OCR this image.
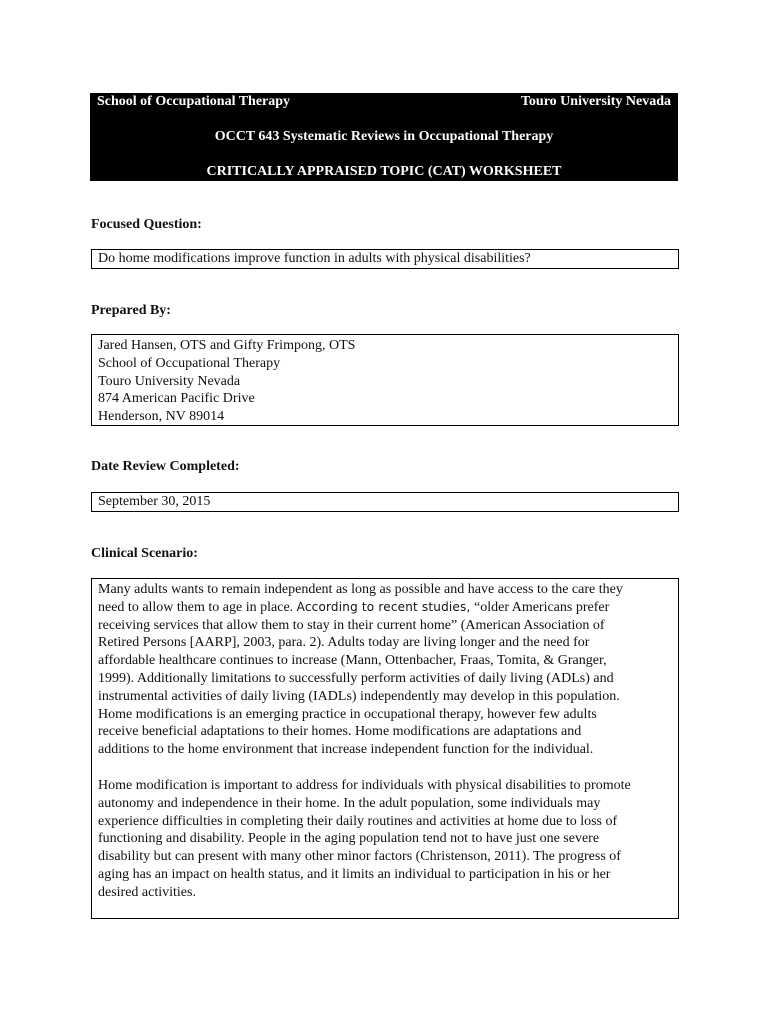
School of Occupational Therapy	Touro University Nevada
OCCT 643 Systematic Reviews in Occupational Therapy
CRITICALLY APPRAISED TOPIC (CAT) WORKSHEET
Focused Question:
Do home modifications improve function in adults with physical disabilities?
Prepared By:
Jared Hansen, OTS and Gifty Frimpong, OTS
School of Occupational Therapy
Touro University Nevada
874 American Pacific Drive
Henderson, NV 89014
Date Review Completed:
September 30, 2015
Clinical Scenario:
Many adults wants to remain independent as long as possible and have access to the care they
need to allow them to age in place. According to recent studies, “older Americans prefer
receiving services that allow them to stay in their current home” (American Association of
Retired Persons [AARP], 2003, para. 2). Adults today are living longer and the need for
affordable healthcare continues to increase (Mann, Ottenbacher, Fraas, Tomita, & Granger,
1999). Additionally limitations to successfully perform activities of daily living (ADLs) and
instrumental activities of daily living (IADLs) independently may develop in this population.
Home modifications is an emerging practice in occupational therapy, however few adults
receive beneficial adaptations to their homes. Home modifications are adaptations and
additions to the home environment that increase independent function for the individual.
Home modification is important to address for individuals with physical disabilities to promote
autonomy and independence in their home. In the adult population, some individuals may
experience difficulties in completing their daily routines and activities at home due to loss of
functioning and disability. People in the aging population tend not to have just one severe
disability but can present with many other minor factors (Christenson, 2011). The progress of
aging has an impact on health status, and it limits an individual to participation in his or her
desired activities.
